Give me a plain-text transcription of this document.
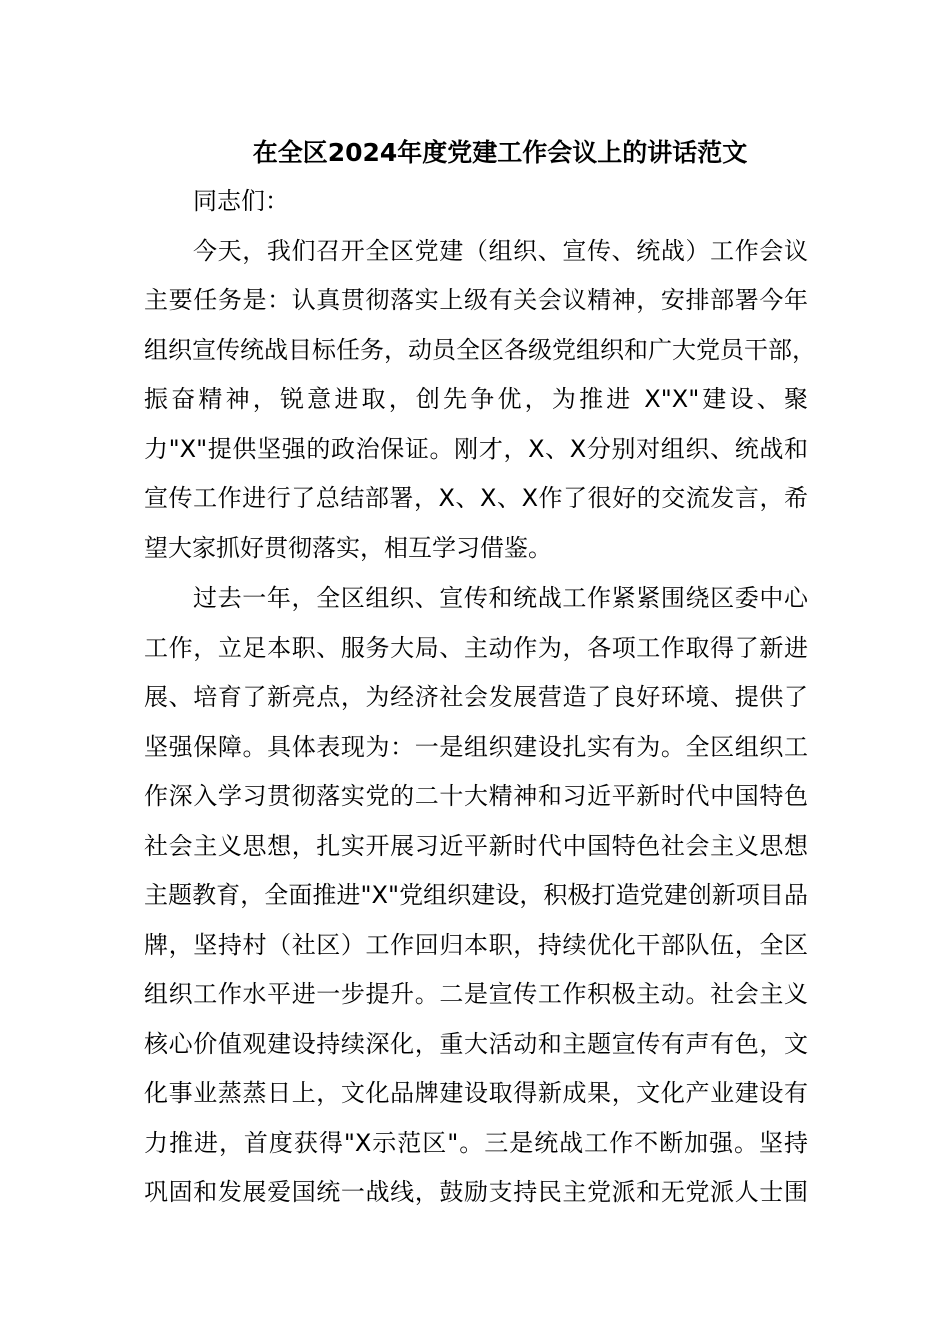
在全区2024年度党建工作会议上的讲话范文
同志们：
今天，我们召开全区党建（组织、宣传、统战）工作会议
主要任务是：认真贯彻落实上级有关会议精神，安排部署今年
组织宣传统战目标任务，动员全区各级党组织和广大党员干部，
振奋精神，锐意进取，创先争优，为推进 X"X"建设、聚
力"X"提供坚强的政治保证。刚才，X、X分别对组织、统战和
宣传工作进行了总结部署，X、X、X作了很好的交流发言，希
望大家抓好贯彻落实，相互学习借鉴。
过去一年，全区组织、宣传和统战工作紧紧围绕区委中心
工作，立足本职、服务大局、主动作为，各项工作取得了新进
展、培育了新亮点，为经济社会发展营造了良好环境、提供了
坚强保障。具体表现为：一是组织建设扎实有为。全区组织工
作深入学习贯彻落实党的二十大精神和习近平新时代中国特色
社会主义思想，扎实开展习近平新时代中国特色社会主义思想
主题教育，全面推进"X"党组织建设，积极打造党建创新项目品
牌，坚持村（社区）工作回归本职，持续优化干部队伍，全区
组织工作水平进一步提升。二是宣传工作积极主动。社会主义
核心价值观建设持续深化，重大活动和主题宣传有声有色，文
化事业蒸蒸日上，文化品牌建设取得新成果，文化产业建设有
力推进，首度获得"X示范区"。三是统战工作不断加强。坚持
巩固和发展爱国统一战线，鼓励支持民主党派和无党派人士围
